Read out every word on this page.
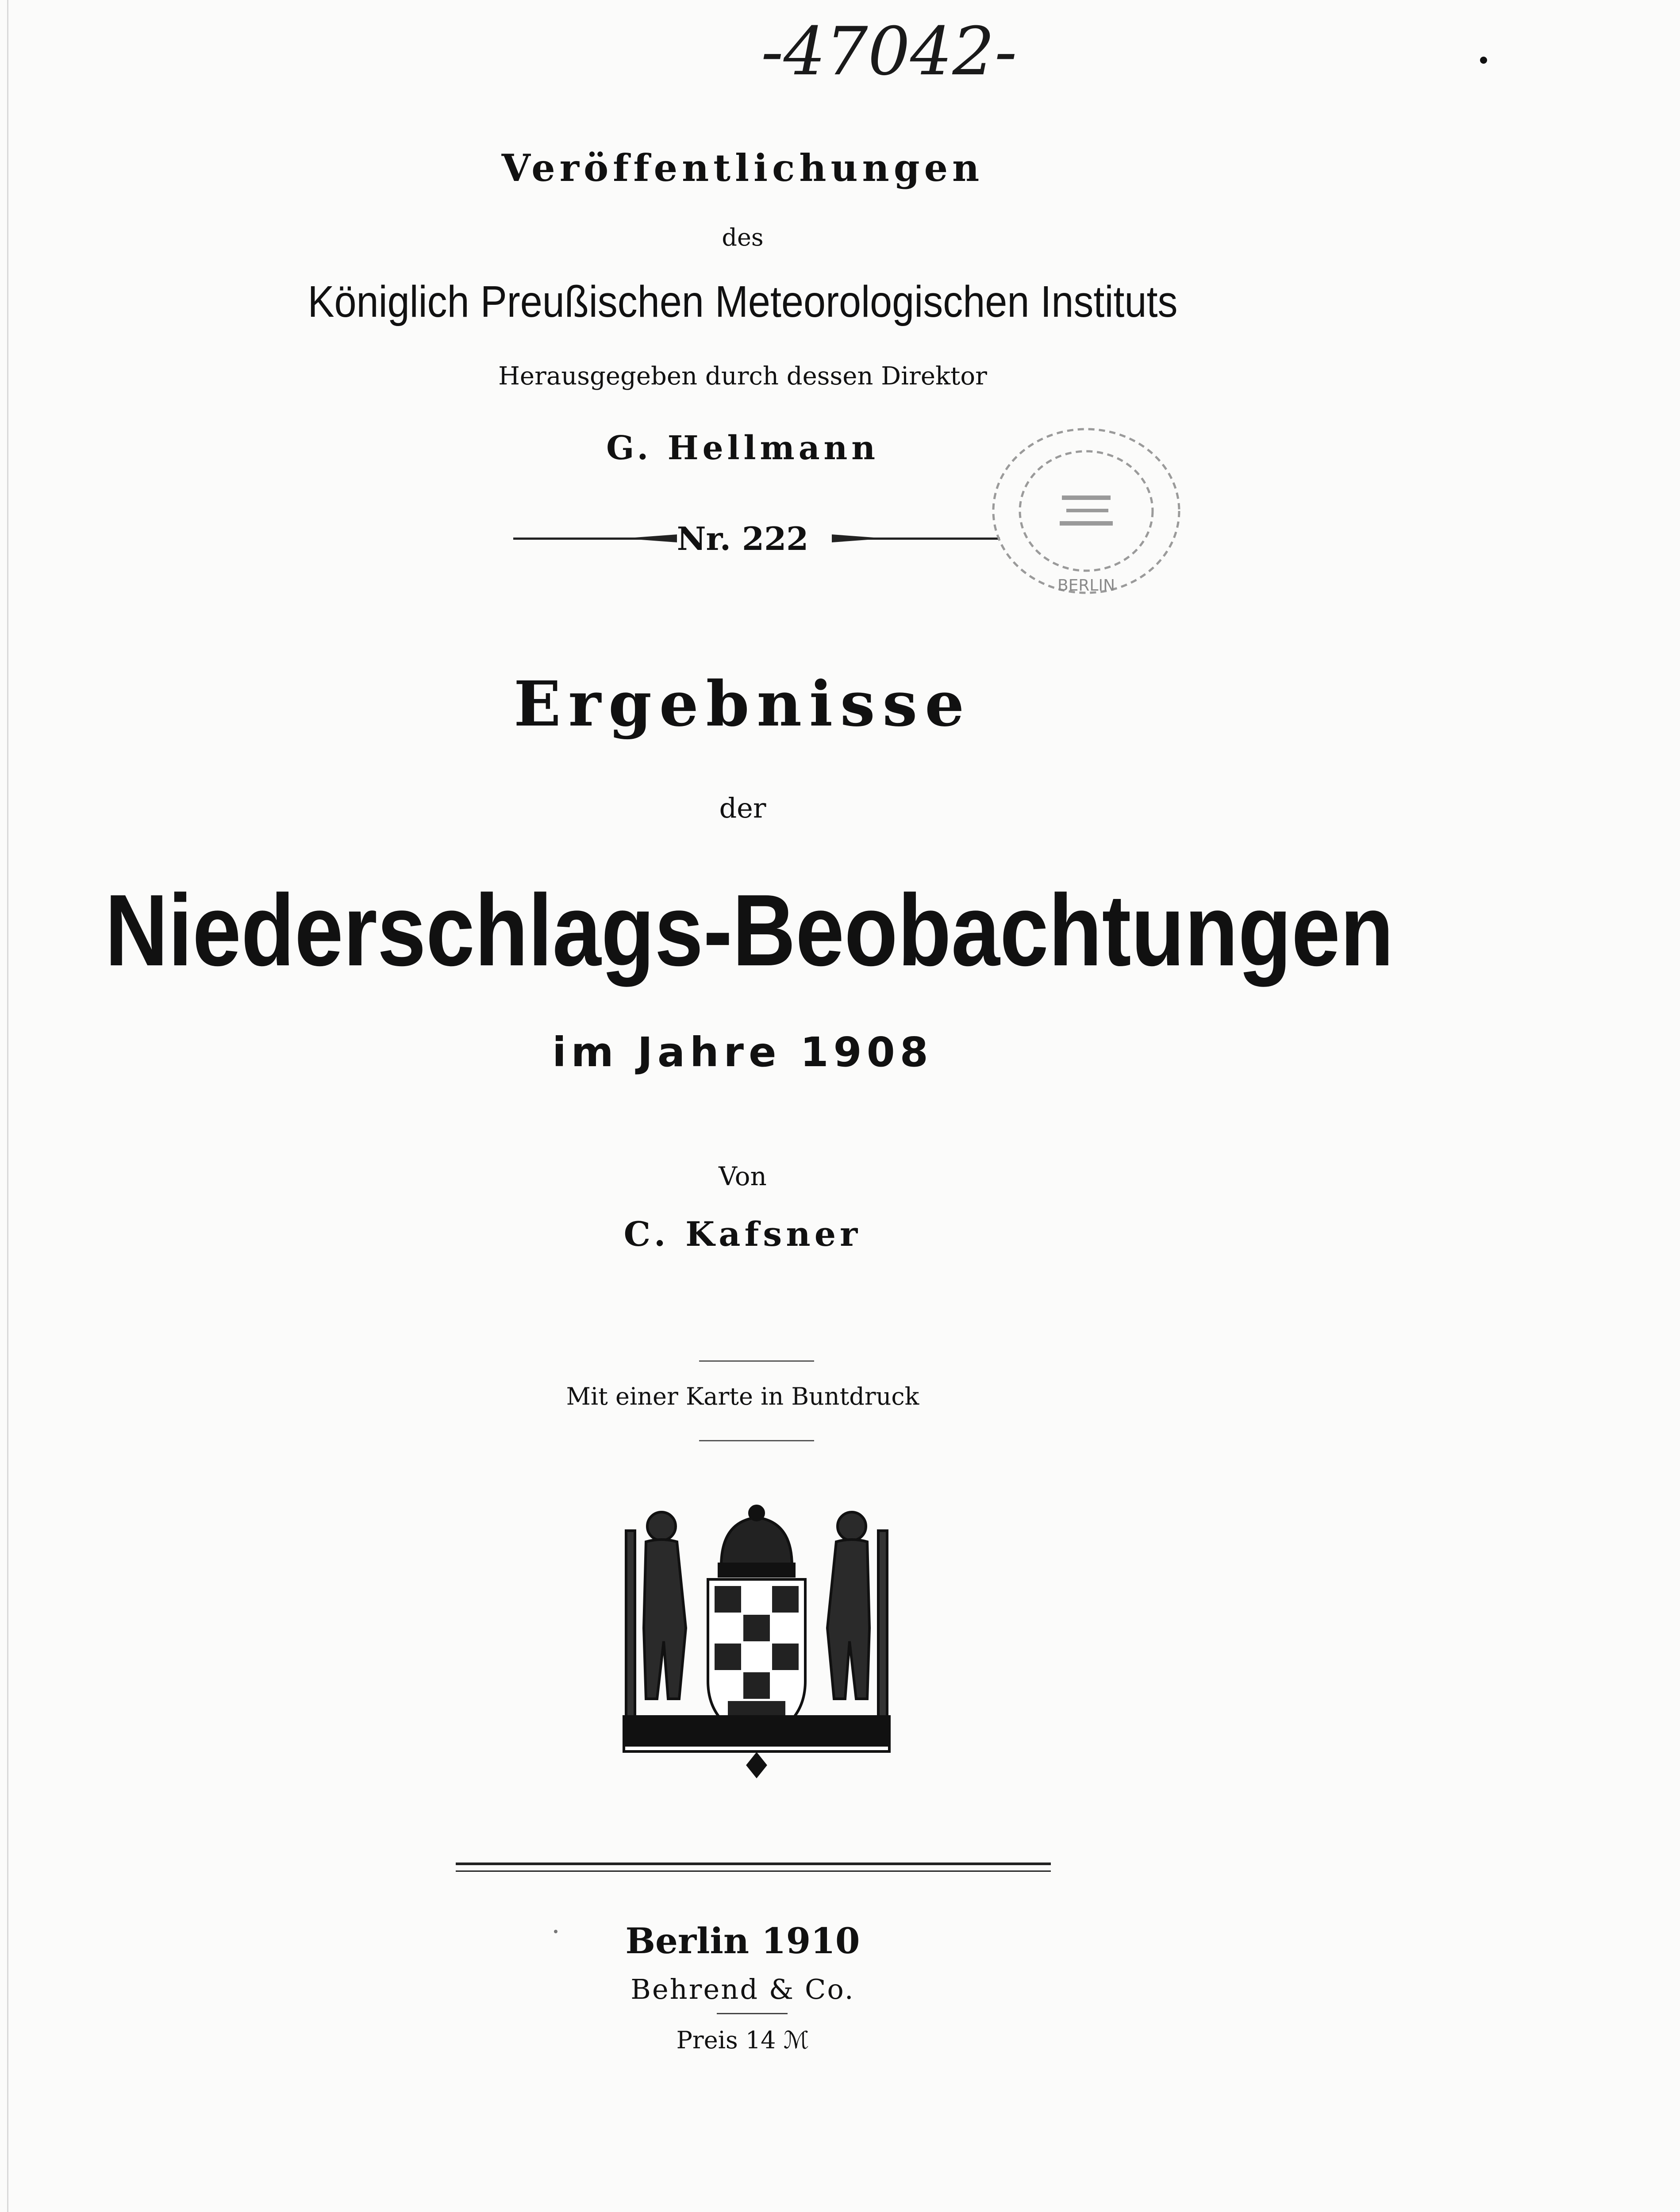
-47042-
Veröffentlichungen
des
Königlich Preußischen Meteorologischen Instituts
Herausgegeben durch dessen Direktor
G. Hellmann
Nr. 222
BERLIN
Ergebnisse
der
Niederschlags-Beobachtungen
im Jahre 1908
Von
C. Kafsner
Mit einer Karte in Buntdruck
Berlin 1910
Behrend & Co.
Preis 14 ℳ
